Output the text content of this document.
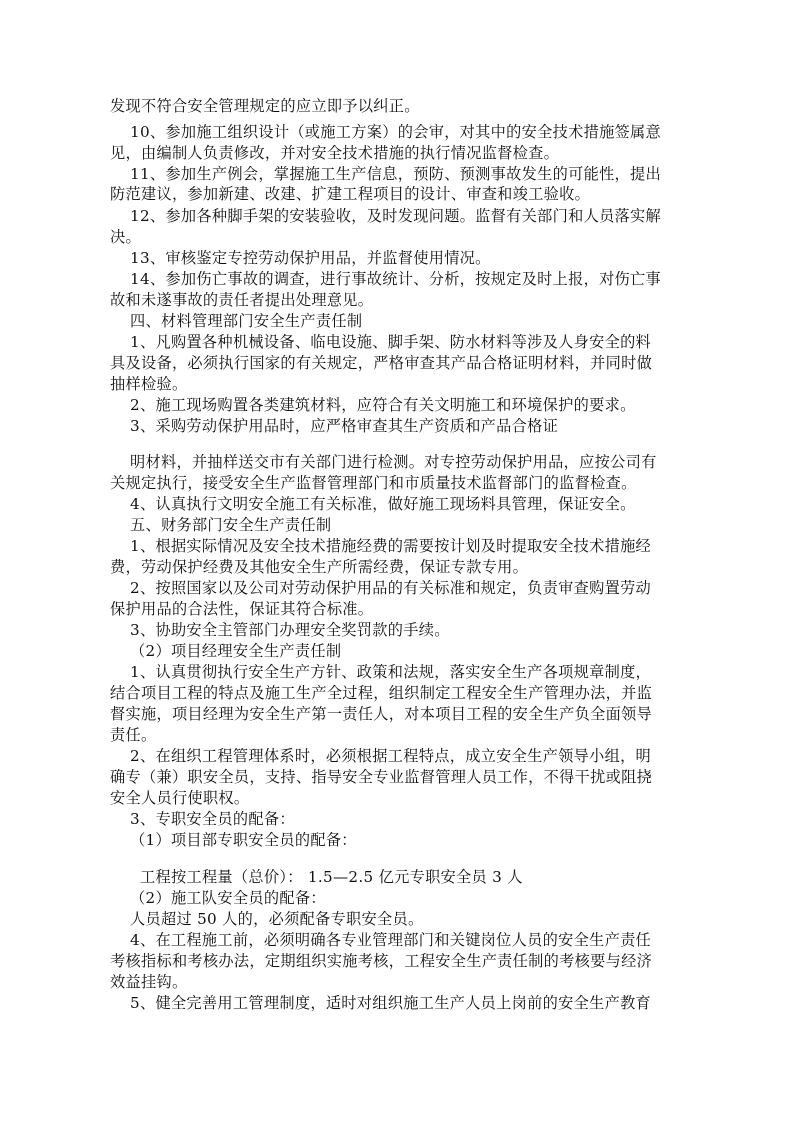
发现不符合安全管理规定的应立即予以纠正。
10、参加施工组织设计（或施工方案）的会审，对其中的安全技术措施签属意
见，由编制人负责修改，并对安全技术措施的执行情况监督检查。
11、参加生产例会，掌握施工生产信息，预防、预测事故发生的可能性，提出
防范建议，参加新建、改建、扩建工程项目的设计、审查和竣工验收。
12、参加各种脚手架的安装验收，及时发现问题。监督有关部门和人员落实解
决。
13、审核鉴定专控劳动保护用品，并监督使用情况。
14、参加伤亡事故的调查，进行事故统计、分析，按规定及时上报，对伤亡事
故和未遂事故的责任者提出处理意见。
四、材料管理部门安全生产责任制
1、凡购置各种机械设备、临电设施、脚手架、防水材料等涉及人身安全的料
具及设备，必须执行国家的有关规定，严格审查其产品合格证明材料，并同时做
抽样检验。
2、施工现场购置各类建筑材料，应符合有关文明施工和环境保护的要求。
3、采购劳动保护用品时，应严格审查其生产资质和产品合格证
明材料，并抽样送交市有关部门进行检测。对专控劳动保护用品，应按公司有
关规定执行，接受安全生产监督管理部门和市质量技术监督部门的监督检查。
4、认真执行文明安全施工有关标准，做好施工现场料具管理，保证安全。
五、财务部门安全生产责任制
1、根据实际情况及安全技术措施经费的需要按计划及时提取安全技术措施经
费，劳动保护经费及其他安全生产所需经费，保证专款专用。
2、按照国家以及公司对劳动保护用品的有关标准和规定，负责审查购置劳动
保护用品的合法性，保证其符合标准。
3、协助安全主管部门办理安全奖罚款的手续。
（2）项目经理安全生产责任制
1、认真贯彻执行安全生产方针、政策和法规，落实安全生产各项规章制度，
结合项目工程的特点及施工生产全过程，组织制定工程安全生产管理办法，并监
督实施，项目经理为安全生产第一责任人，对本项目工程的安全生产负全面领导
责任。
2、在组织工程管理体系时，必须根据工程特点，成立安全生产领导小组，明
确专（兼）职安全员，支持、指导安全专业监督管理人员工作，不得干扰或阻挠
安全人员行使职权。
3、专职安全员的配备：
（1）项目部专职安全员的配备：
工程按工程量（总价）： 1.5—2.5 亿元专职安全员 3 人
（2）施工队安全员的配备：
人员超过 50 人的，必须配备专职安全员。
4、在工程施工前，必须明确各专业管理部门和关键岗位人员的安全生产责任
考核指标和考核办法，定期组织实施考核，工程安全生产责任制的考核要与经济
效益挂钩。
5、健全完善用工管理制度，适时对组织施工生产人员上岗前的安全生产教育
